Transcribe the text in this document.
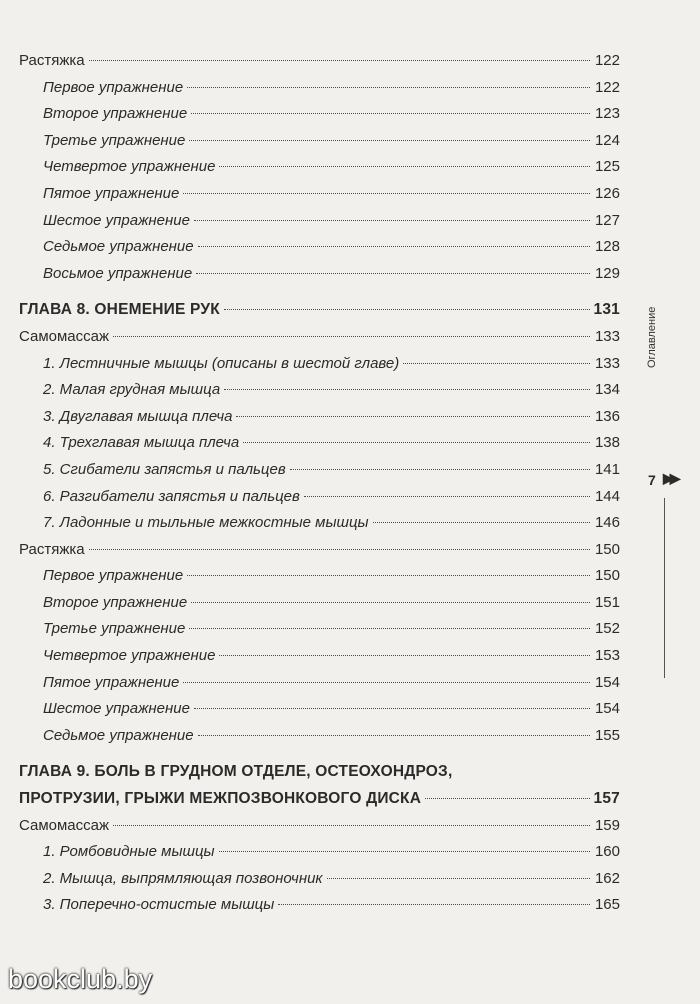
Растяжка	122
Первое упражнение	122
Второе упражнение	123
Третье упражнение	124
Четвертое упражнение	125
Пятое упражнение	126
Шестое упражнение	127
Седьмое упражнение	128
Восьмое упражнение	129
ГЛАВА 8. ОНЕМЕНИЕ РУК	131
Самомассаж	133
1. Лестничные мышцы (описаны в шестой главе)	133
2. Малая грудная мышца	134
3. Двуглавая мышца плеча	136
4. Трехглавая мышца плеча	138
5. Сгибатели запястья и пальцев	141
6. Разгибатели запястья и пальцев	144
7. Ладонные и тыльные межкостные мышцы	146
Растяжка	150
Первое упражнение	150
Второе упражнение	151
Третье упражнение	152
Четвертое упражнение	153
Пятое упражнение	154
Шестое упражнение	154
Седьмое упражнение	155
ГЛАВА 9. БОЛЬ В ГРУДНОМ ОТДЕЛЕ, ОСТЕОХОНДРОЗ,
ПРОТРУЗИИ, ГРЫЖИ МЕЖПОЗВОНКОВОГО ДИСКА	157
Самомассаж	159
1. Ромбовидные мышцы	160
2. Мышца, выпрямляющая позвоночник	162
3. Поперечно-остистые мышцы	165
Оглавление
7 ▶▶
bookclub.by
